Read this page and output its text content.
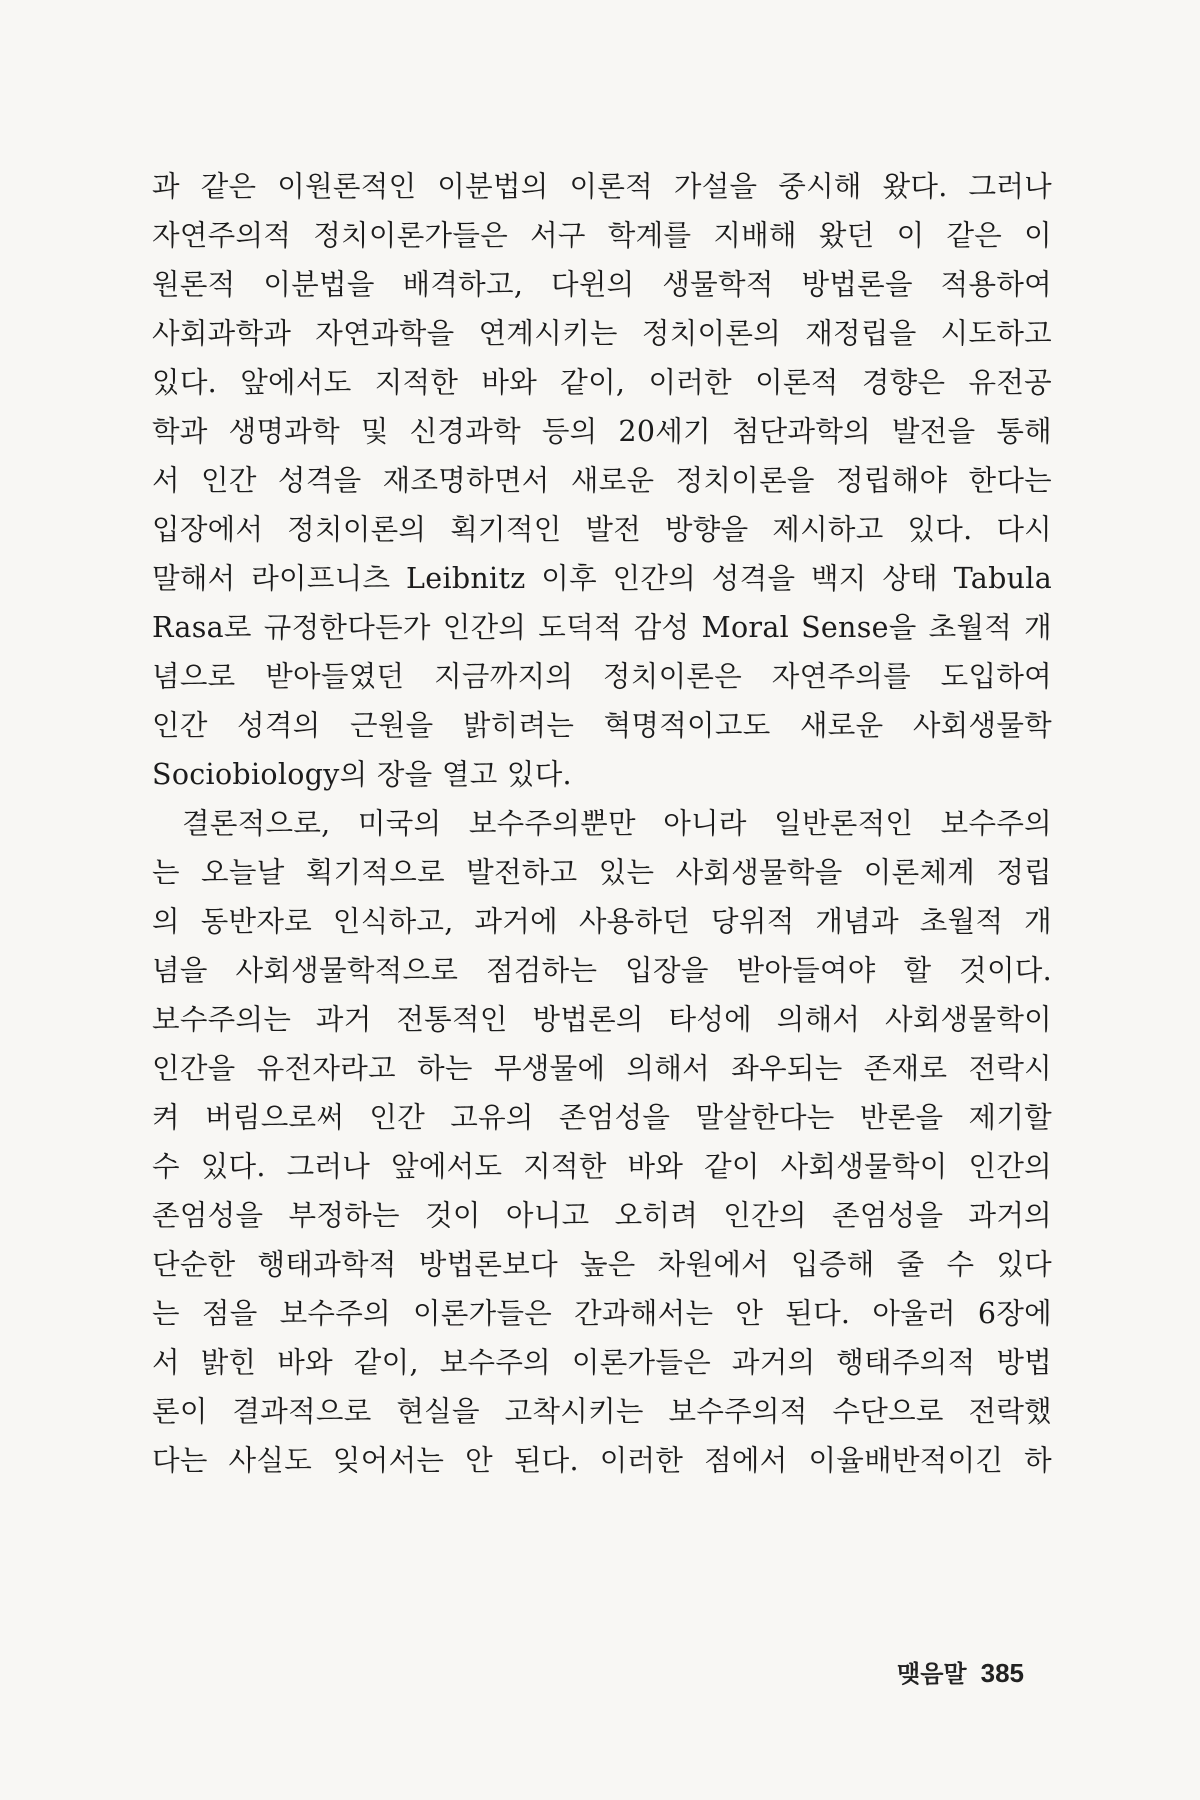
과 같은 이원론적인 이분법의 이론적 가설을 중시해 왔다. 그러나
자연주의적 정치이론가들은 서구 학계를 지배해 왔던 이 같은 이
원론적 이분법을 배격하고, 다윈의 생물학적 방법론을 적용하여
사회과학과 자연과학을 연계시키는 정치이론의 재정립을 시도하고
있다. 앞에서도 지적한 바와 같이, 이러한 이론적 경향은 유전공
학과 생명과학 및 신경과학 등의 20세기 첨단과학의 발전을 통해
서 인간 성격을 재조명하면서 새로운 정치이론을 정립해야 한다는
입장에서 정치이론의 획기적인 발전 방향을 제시하고 있다. 다시
말해서 라이프니츠 Leibnitz 이후 인간의 성격을 백지 상태 Tabula
Rasa로 규정한다든가 인간의 도덕적 감성 Moral Sense을 초월적 개
념으로 받아들였던 지금까지의 정치이론은 자연주의를 도입하여
인간 성격의 근원을 밝히려는 혁명적이고도 새로운 사회생물학
Sociobiology의 장을 열고 있다.
결론적으로, 미국의 보수주의뿐만 아니라 일반론적인 보수주의
는 오늘날 획기적으로 발전하고 있는 사회생물학을 이론체계 정립
의 동반자로 인식하고, 과거에 사용하던 당위적 개념과 초월적 개
념을 사회생물학적으로 점검하는 입장을 받아들여야 할 것이다.
보수주의는 과거 전통적인 방법론의 타성에 의해서 사회생물학이
인간을 유전자라고 하는 무생물에 의해서 좌우되는 존재로 전락시
켜 버림으로써 인간 고유의 존엄성을 말살한다는 반론을 제기할
수 있다. 그러나 앞에서도 지적한 바와 같이 사회생물학이 인간의
존엄성을 부정하는 것이 아니고 오히려 인간의 존엄성을 과거의
단순한 행태과학적 방법론보다 높은 차원에서 입증해 줄 수 있다
는 점을 보수주의 이론가들은 간과해서는 안 된다. 아울러 6장에
서 밝힌 바와 같이, 보수주의 이론가들은 과거의 행태주의적 방법
론이 결과적으로 현실을 고착시키는 보수주의적 수단으로 전락했
다는 사실도 잊어서는 안 된다. 이러한 점에서 이율배반적이긴 하
맺음말 385
